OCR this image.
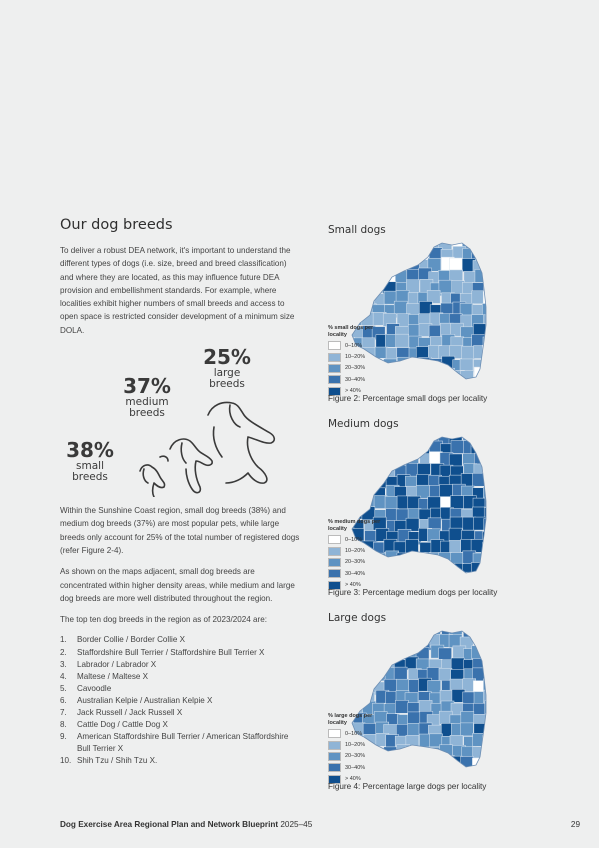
Our dog breeds

To deliver a robust DEA network, it's important to understand the different types of dogs (i.e. size, breed and breed classification) and where they are located, as this may influence future DEA provision and embellishment standards. For example, where localities exhibit higher numbers of small breeds and access to open space is restricted consider development of a minimum size DOLA.

25%
large breeds
37%
medium breeds
38%
small breeds

Within the Sunshine Coast region, small dog breeds (38%) and medium dog breeds (37%) are most popular pets, while large breeds only account for 25% of the total number of registered dogs (refer Figure 2-4).

As shown on the maps adjacent, small dog breeds are concentrated within higher density areas, while medium and large dog breeds are more well distributed throughout the region.

The top ten dog breeds in the region as of 2023/2024 are:

1.	Border Collie / Border Collie X
2.	Staffordshire Bull Terrier / Staffordshire Bull Terrier X
3.	Labrador / Labrador X
4.	Maltese / Maltese X
5.	Cavoodle
6.	Australian Kelpie / Australian Kelpie X
7.	Jack Russell / Jack Russell X
8.	Cattle Dog / Cattle Dog X
9.	American Staffordshire Bull Terrier / American Staffordshire Bull Terrier X
10. Shih Tzu / Shih Tzu X.
Small dogs
% small dogs per locality
0–10%
10–20%
20–30%
30–40%
> 40%
Figure 2: Percentage small dogs per locality
Medium dogs
% medium dogs per locality
0–10%
10–20%
20–30%
30–40%
> 40%
Figure 3: Percentage medium dogs per locality
Large dogs
% large dogs per locality
0–10%
10–20%
20–30%
30–40%
> 40%
Figure 4: Percentage large dogs per locality
Dog Exercise Area Regional Plan and Network Blueprint 2025–45	29
